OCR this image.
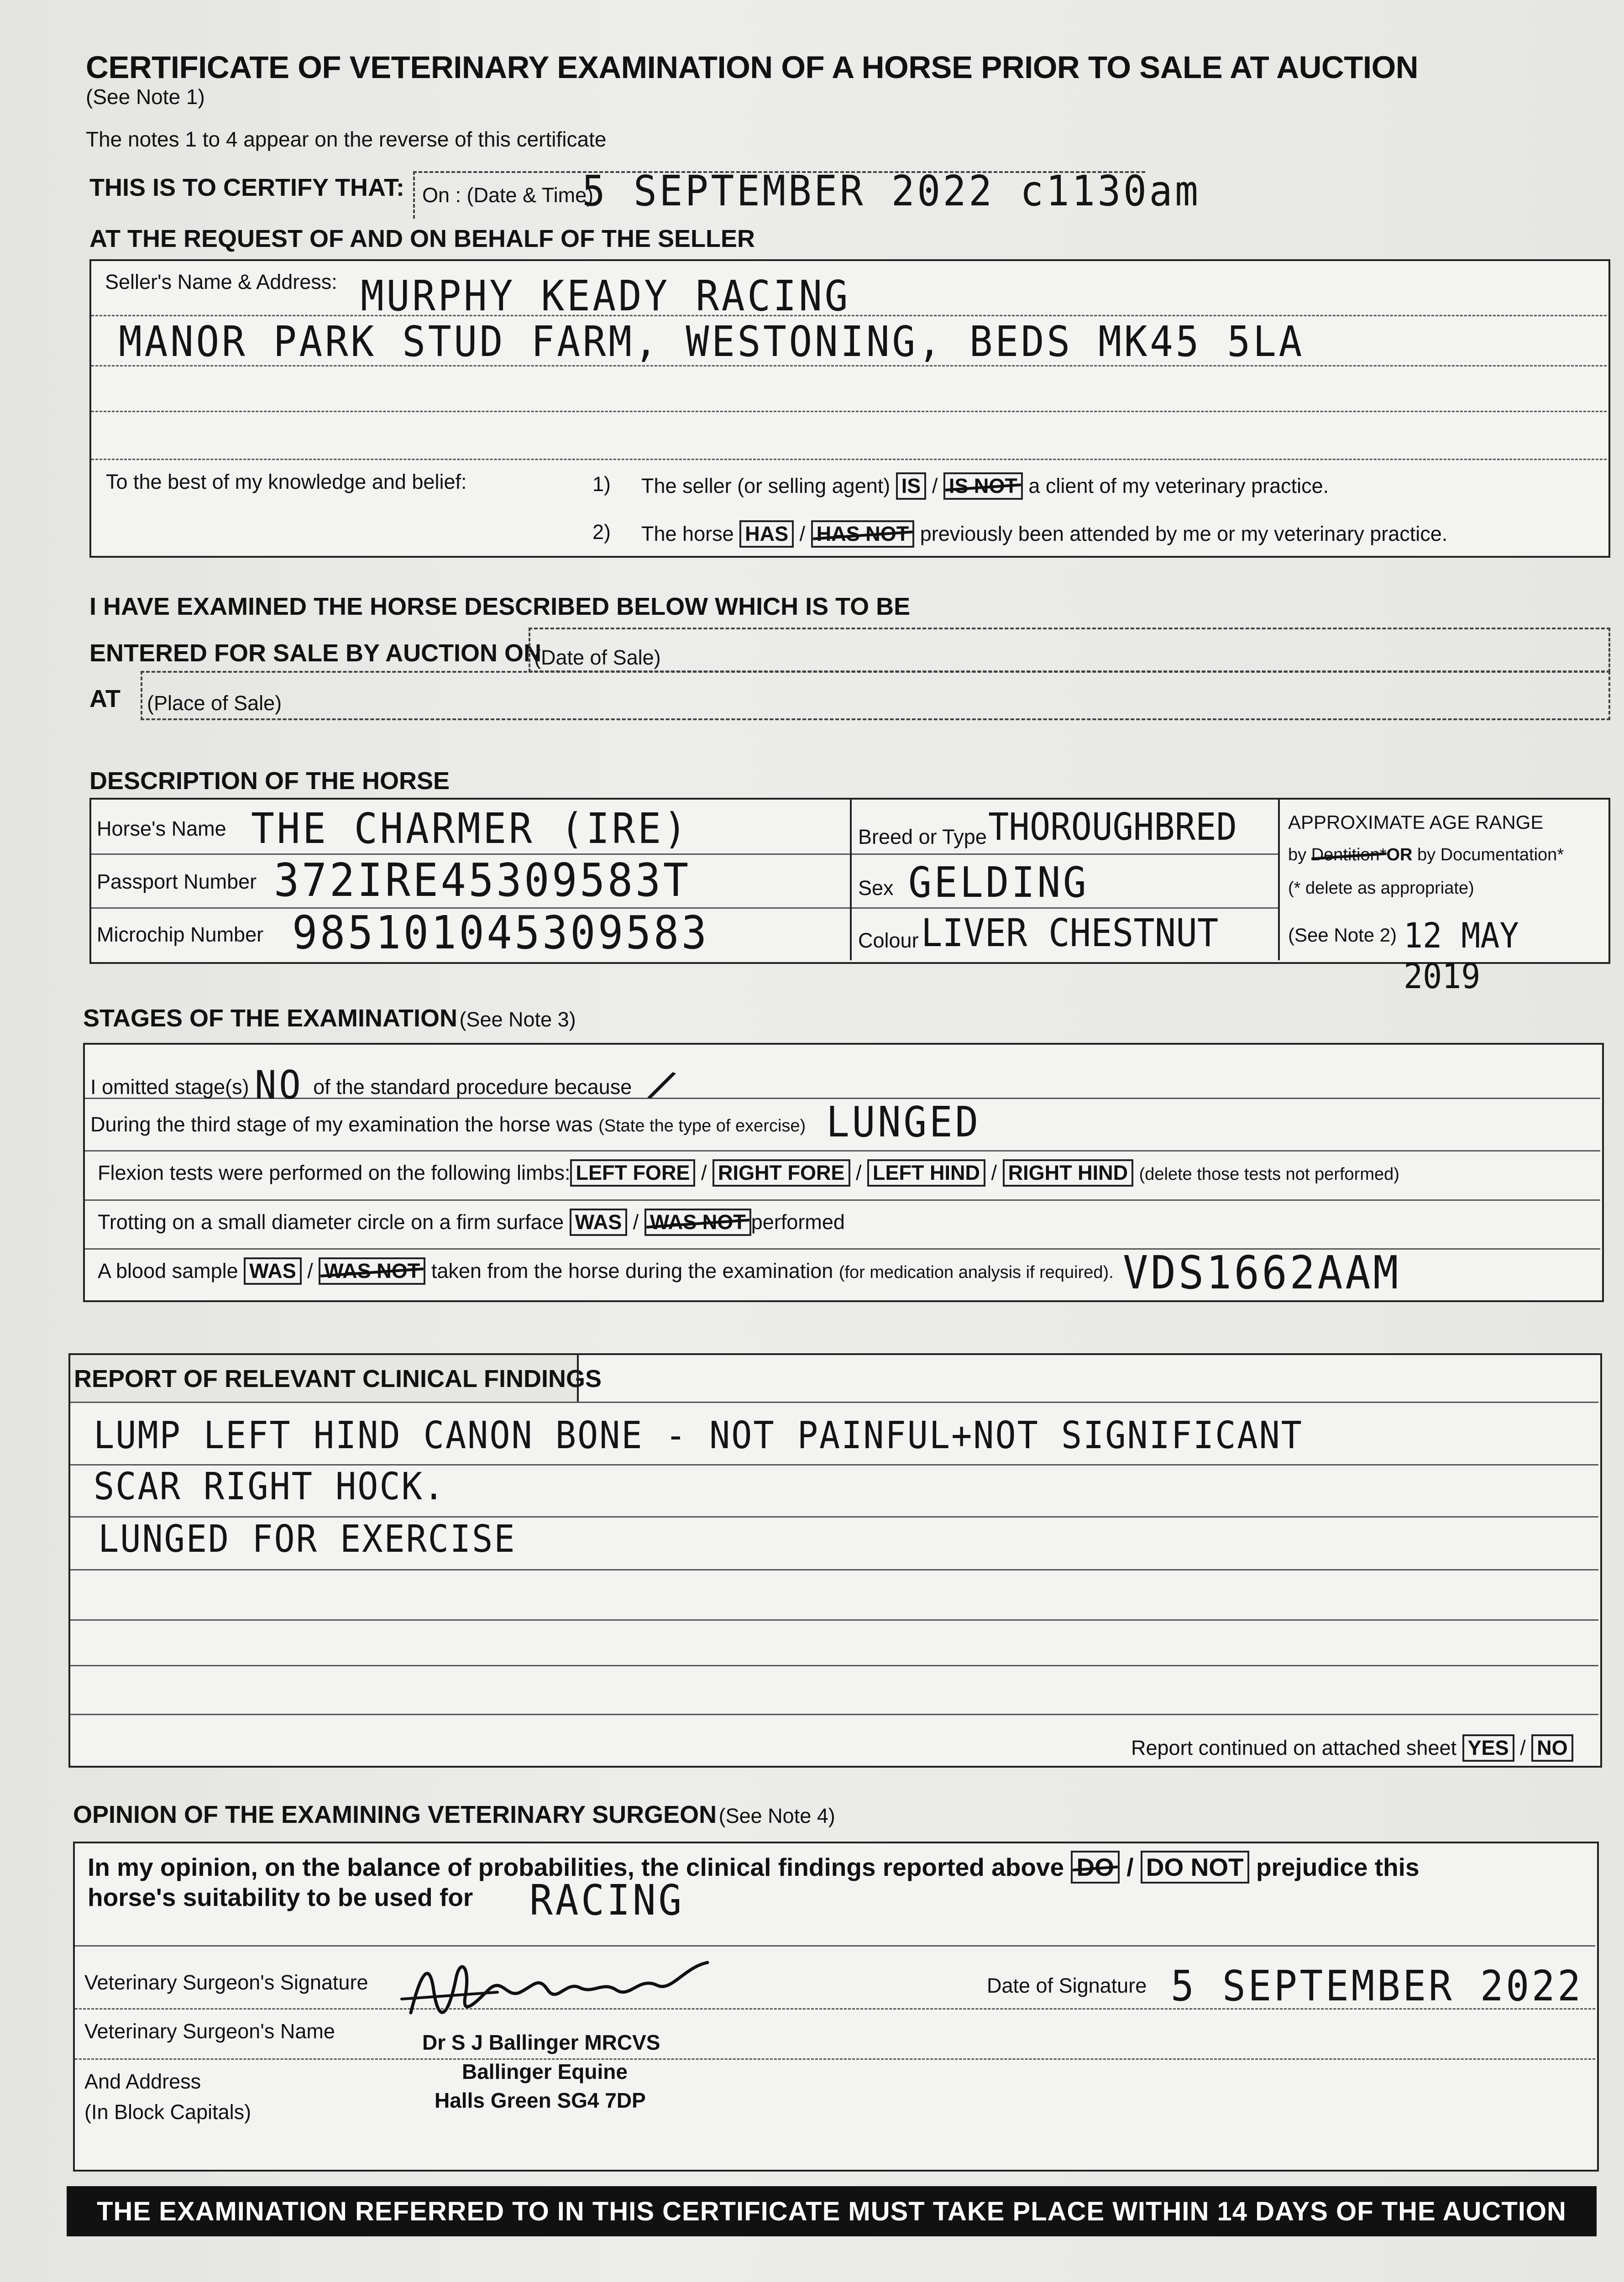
CERTIFICATE OF VETERINARY EXAMINATION OF A HORSE PRIOR TO SALE AT AUCTION
(See Note 1)
The notes 1 to 4 appear on the reverse of this certificate
THIS IS TO CERTIFY THAT: On : (Date & Time)
5 SEPTEMBER 2022 c1130am
AT THE REQUEST OF AND ON BEHALF OF THE SELLER
Seller's Name & Address: MURPHY KEADY RACING
MANOR PARK STUD FARM, WESTONING, BEDS MK45 5LA
To the best of my knowledge and belief:	1) The seller (or selling agent) IS / IS NOT a client of my veterinary practice.
2) The horse HAS / HAS NOT previously been attended by me or my veterinary practice.
I HAVE EXAMINED THE HORSE DESCRIBED BELOW WHICH IS TO BE
ENTERED FOR SALE BY AUCTION ON
(Date of Sale)
AT (Place of Sale)
DESCRIPTION OF THE HORSE
Horse's Name THE CHARMER (IRE)
Passport Number 372IRE45309583T
Microchip Number 985101045309583
Breed or Type THOROUGHBRED
Sex GELDING
Colour LIVER CHESTNUT
APPROXIMATE AGE RANGE
by Dentition*OR by Documentation*
(* delete as appropriate)
(See Note 2) 12 MAY 2019
STAGES OF THE EXAMINATION (See Note 3)
I omitted stage(s) NO of the standard procedure because /
During the third stage of my examination the horse was (State the type of exercise) LUNGED
Flexion tests were performed on the following limbs: LEFT FORE / RIGHT FORE / LEFT HIND / RIGHT HIND (delete those tests not performed)
Trotting on a small diameter circle on a firm surface WAS / WAS NOT performed
A blood sample WAS / WAS NOT taken from the horse during the examination (for medication analysis if required). VDS1662AAM
REPORT OF RELEVANT CLINICAL FINDINGS
LUMP LEFT HIND CANON BONE - NOT PAINFUL+NOT SIGNIFICANT
SCAR RIGHT HOCK.
LUNGED FOR EXERCISE
Report continued on attached sheet YES / NO
OPINION OF THE EXAMINING VETERINARY SURGEON (See Note 4)
In my opinion, on the balance of probabilities, the clinical findings reported above DO / DO NOT prejudice this
horse's suitability to be used for RACING
Veterinary Surgeon's Signature	Date of Signature 5 SEPTEMBER 2022
Veterinary Surgeon's Name
And Address
(In Block Capitals)
Dr S J Ballinger MRCVS
Ballinger Equine
Halls Green SG4 7DP
THE EXAMINATION REFERRED TO IN THIS CERTIFICATE MUST TAKE PLACE WITHIN 14 DAYS OF THE AUCTION
